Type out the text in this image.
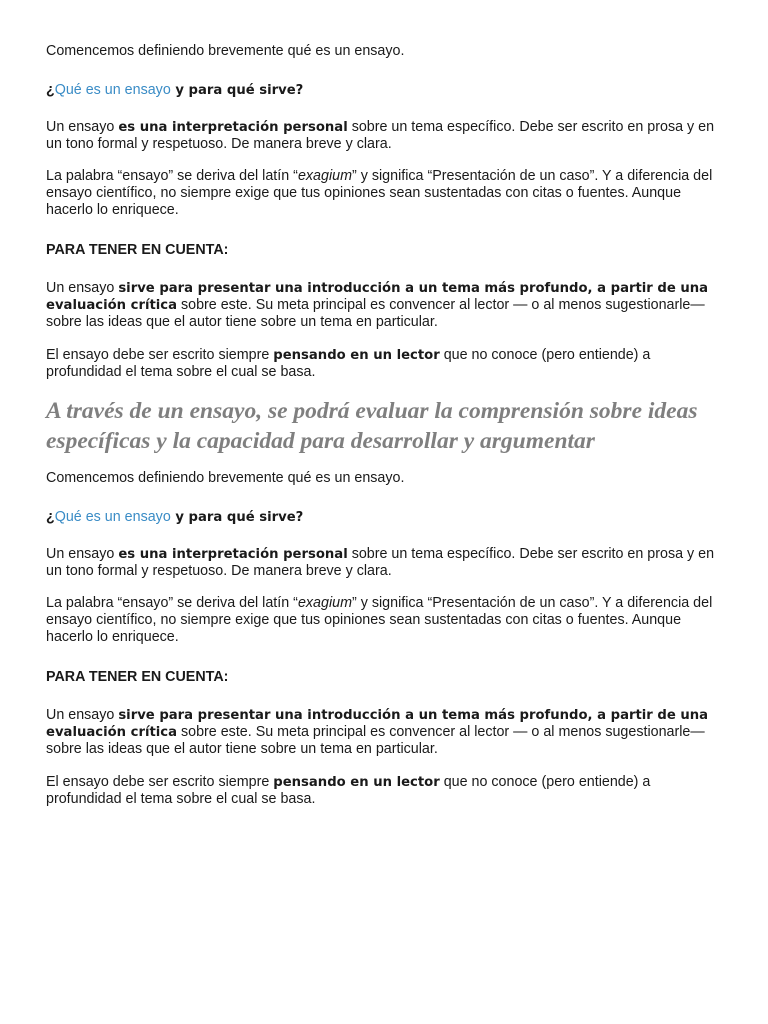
Comencemos definiendo brevemente qué es un ensayo.

¿Qué es un ensayo y para qué sirve?

Un ensayo es una interpretación personal sobre un tema específico. Debe ser escrito en prosa y en un tono formal y respetuoso. De manera breve y clara.

La palabra “ensayo” se deriva del latín “exagium” y significa “Presentación de un caso”. Y a diferencia del ensayo científico, no siempre exige que tus opiniones sean sustentadas con citas o fuentes. Aunque hacerlo lo enriquece.

PARA TENER EN CUENTA:

Un ensayo sirve para presentar una introducción a un tema más profundo, a partir de una evaluación crítica sobre este. Su meta principal es convencer al lector — o al menos sugestionarle— sobre las ideas que el autor tiene sobre un tema en particular.

El ensayo debe ser escrito siempre pensando en un lector que no conoce (pero entiende) a profundidad el tema sobre el cual se basa.

A través de un ensayo, se podrá evaluar la comprensión sobre ideas específicas y la capacidad para desarrollar y argumentar

Comencemos definiendo brevemente qué es un ensayo.

¿Qué es un ensayo y para qué sirve?

Un ensayo es una interpretación personal sobre un tema específico. Debe ser escrito en prosa y en un tono formal y respetuoso. De manera breve y clara.

La palabra “ensayo” se deriva del latín “exagium” y significa “Presentación de un caso”. Y a diferencia del ensayo científico, no siempre exige que tus opiniones sean sustentadas con citas o fuentes. Aunque hacerlo lo enriquece.

PARA TENER EN CUENTA:

Un ensayo sirve para presentar una introducción a un tema más profundo, a partir de una evaluación crítica sobre este. Su meta principal es convencer al lector — o al menos sugestionarle— sobre las ideas que el autor tiene sobre un tema en particular.

El ensayo debe ser escrito siempre pensando en un lector que no conoce (pero entiende) a profundidad el tema sobre el cual se basa.
